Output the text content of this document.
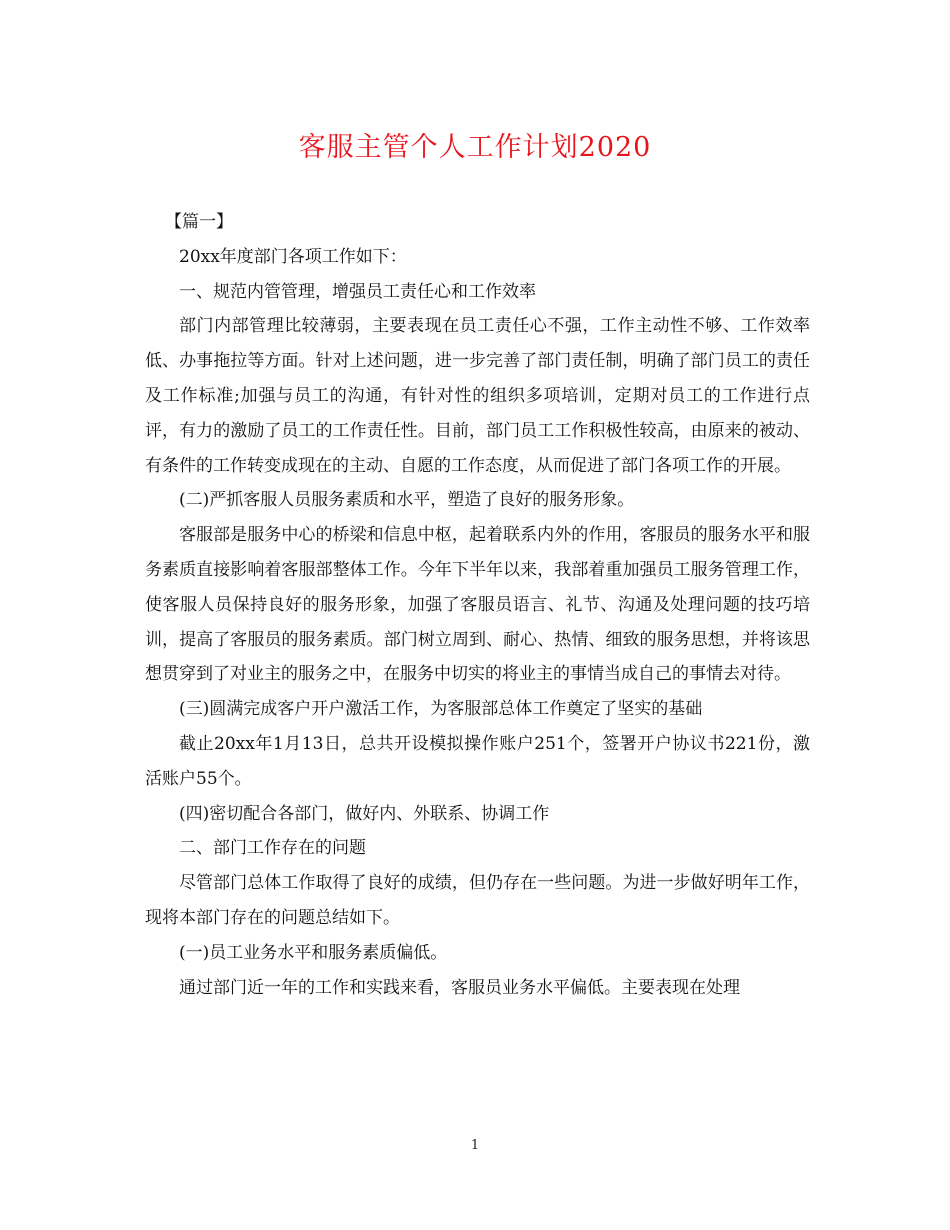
客服主管个人工作计划2020

【篇一】

20xx年度部门各项工作如下：

一、规范内管管理，增强员工责任心和工作效率

部门内部管理比较薄弱，主要表现在员工责任心不强，工作主动性不够、工作效率低、办事拖拉等方面。针对上述问题，进一步完善了部门责任制，明确了部门员工的责任及工作标准;加强与员工的沟通，有针对性的组织多项培训，定期对员工的工作进行点评，有力的激励了员工的工作责任性。目前，部门员工工作积极性较高，由原来的被动、有条件的工作转变成现在的主动、自愿的工作态度，从而促进了部门各项工作的开展。

(二)严抓客服人员服务素质和水平，塑造了良好的服务形象。

客服部是服务中心的桥梁和信息中枢，起着联系内外的作用，客服员的服务水平和服务素质直接影响着客服部整体工作。今年下半年以来，我部着重加强员工服务管理工作，使客服人员保持良好的服务形象，加强了客服员语言、礼节、沟通及处理问题的技巧培训，提高了客服员的服务素质。部门树立周到、耐心、热情、细致的服务思想，并将该思想贯穿到了对业主的服务之中，在服务中切实的将业主的事情当成自己的事情去对待。

(三)圆满完成客户开户激活工作，为客服部总体工作奠定了坚实的基础

截止20xx年1月13日，总共开设模拟操作账户251个，签署开户协议书221份，激活账户55个。

(四)密切配合各部门，做好内、外联系、协调工作

二、部门工作存在的问题

尽管部门总体工作取得了良好的成绩，但仍存在一些问题。为进一步做好明年工作，现将本部门存在的问题总结如下。

(一)员工业务水平和服务素质偏低。

通过部门近一年的工作和实践来看，客服员业务水平偏低。主要表现在处理

1
